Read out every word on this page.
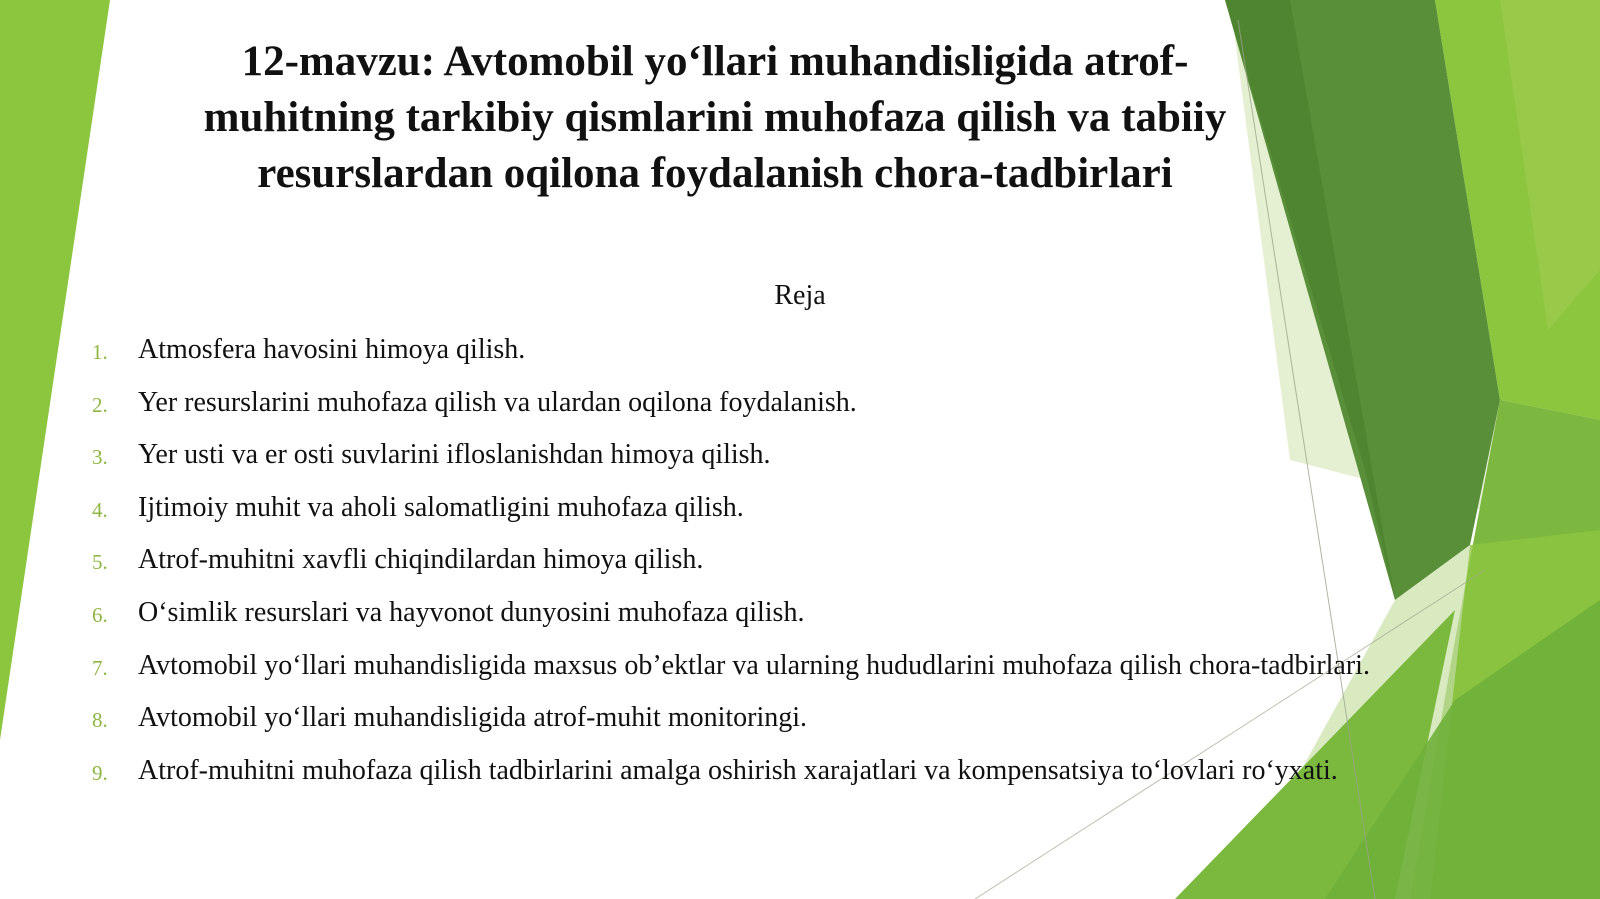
12-mavzu: Avtomobil yo‘llari muhandisligida atrof-muhitning tarkibiy qismlarini muhofaza qilish va tabiiy resurslardan oqilona foydalanish chora-tadbirlari
Reja
1.	Atmosfera havosini himoya qilish.
2.	Yer resurslarini muhofaza qilish va ulardan oqilona foydalanish.
3.	Yer usti va er osti suvlarini ifloslanishdan himoya qilish.
4.	Ijtimoiy muhit va aholi salomatligini muhofaza qilish.
5.	Atrof-muhitni xavfli chiqindilardan himoya qilish.
6.	O‘simlik resurslari va hayvonot dunyosini muhofaza qilish.
7.	Avtomobil yo‘llari muhandisligida maxsus ob’ektlar va ularning hududlarini muhofaza qilish chora-tadbirlari.
8.	Avtomobil yo‘llari muhandisligida atrof-muhit monitoringi.
9.	Atrof-muhitni muhofaza qilish tadbirlarini amalga oshirish xarajatlari va kompensatsiya to‘lovlari ro‘yxati.
